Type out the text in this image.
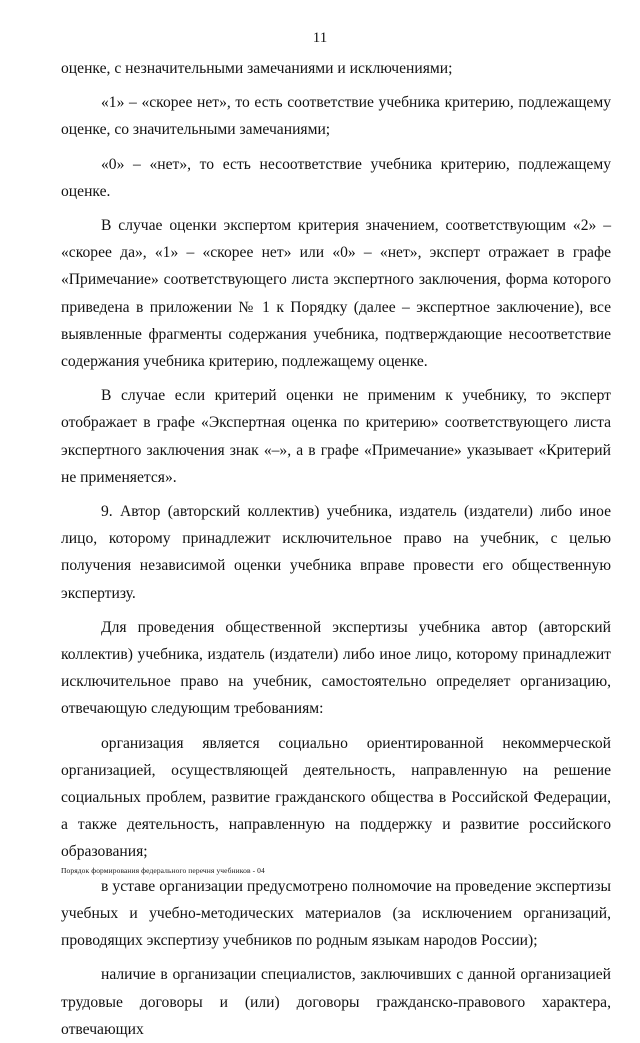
11

оценке, с незначительными замечаниями и исключениями;

«1» – «скорее нет», то есть соответствие учебника критерию, подлежащему оценке, со значительными замечаниями;

«0» – «нет», то есть несоответствие учебника критерию, подлежащему оценке.

В случае оценки экспертом критерия значением, соответствующим «2» – «скорее да», «1» – «скорее нет» или «0» – «нет», эксперт отражает в графе «Примечание» соответствующего листа экспертного заключения, форма которого приведена в приложении № 1 к Порядку (далее – экспертное заключение), все выявленные фрагменты содержания учебника, подтверждающие несоответствие содержания учебника критерию, подлежащему оценке.

В случае если критерий оценки не применим к учебнику, то эксперт отображает в графе «Экспертная оценка по критерию» соответствующего листа экспертного заключения знак «–», а в графе «Примечание» указывает «Критерий не применяется».

9. Автор (авторский коллектив) учебника, издатель (издатели) либо иное лицо, которому принадлежит исключительное право на учебник, с целью получения независимой оценки учебника вправе провести его общественную экспертизу.

Для проведения общественной экспертизы учебника автор (авторский коллектив) учебника, издатель (издатели) либо иное лицо, которому принадлежит исключительное право на учебник, самостоятельно определяет организацию, отвечающую следующим требованиям:

организация является социально ориентированной некоммерческой организацией, осуществляющей деятельность, направленную на решение социальных проблем, развитие гражданского общества в Российской Федерации, а также деятельность, направленную на поддержку и развитие российского образования;

в уставе организации предусмотрено полномочие на проведение экспертизы учебных и учебно-методических материалов (за исключением организаций, проводящих экспертизу учебников по родным языкам народов России);

наличие в организации специалистов, заключивших с данной организацией трудовые договоры и (или) договоры гражданско-правового характера, отвечающих

Порядок формирования федерального перечня учебников - 04
